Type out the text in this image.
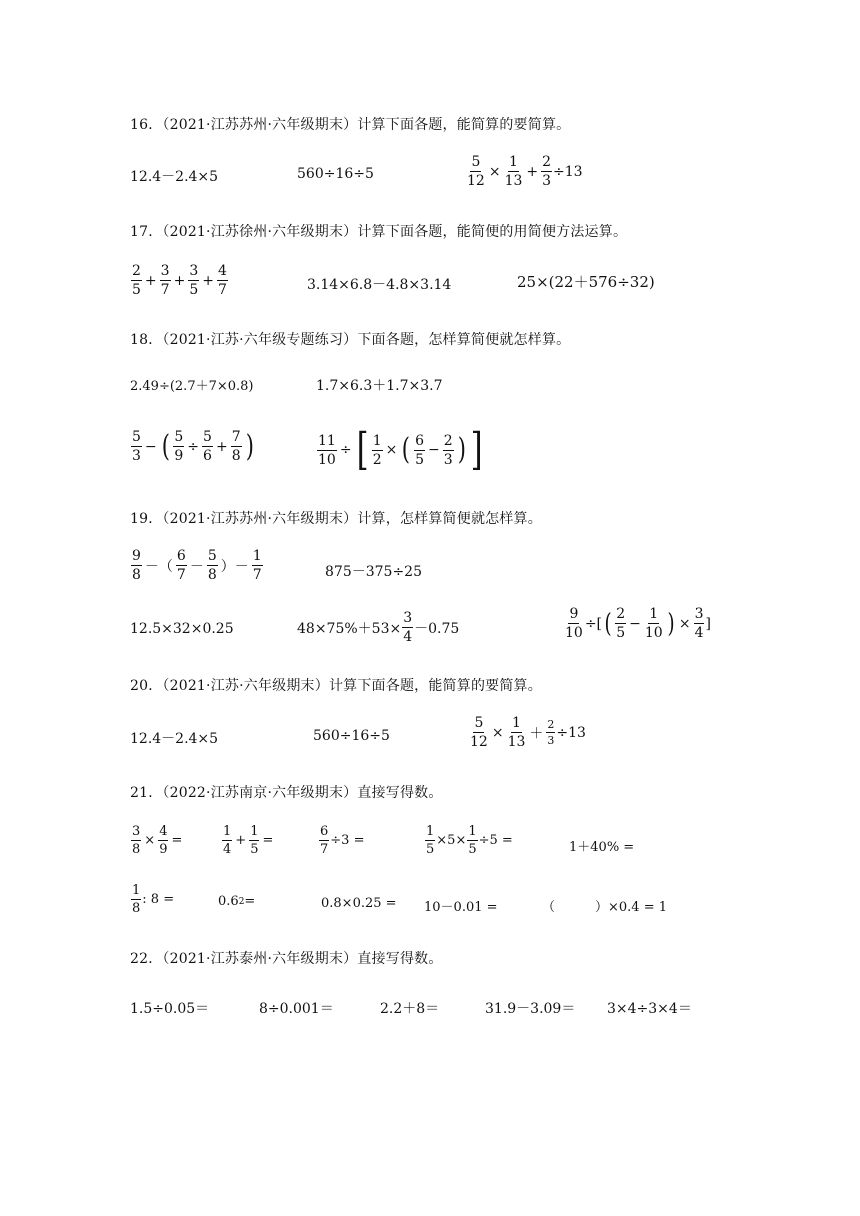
16．（2021·江苏苏州·六年级期末）计算下面各题，能简算的要简算。
12.4－2.4×5	560÷16÷5	$\frac{5}{12} \times \frac{1}{13} + \frac{2}{3} \div 13$
17．（2021·江苏徐州·六年级期末）计算下面各题，能简便的用简便方法运算。
$\frac{2}{5} + \frac{3}{7} + \frac{3}{5} + \frac{4}{7}$	3.14×6.8－4.8×3.14	25×(22＋576÷32)
18．（2021·江苏·六年级专题练习）下面各题，怎样算简便就怎样算。
2.49÷(2.7＋7×0.8)	1.7×6.3＋1.7×3.7
$\frac{5}{3}$ − ( $\frac{5}{9} \div \frac{5}{6} + \frac{7}{8}$ )	$\frac{11}{10}$ ÷ [ $\frac{1}{2}$ × ( $\frac{6}{5} - \frac{2}{3}$ ) ]
19．（2021·江苏苏州·六年级期末）计算，怎样算简便就怎样算。
$\frac{9}{8}$ －（ $\frac{6}{7} - \frac{5}{8}$ ）－ $\frac{1}{7}$	875－375÷25
12.5×32×0.25	$48\times 75\%+53\times \frac{3}{4} -0.75$	$\frac{9}{10}$ ÷[ ( $\frac{2}{5} - \frac{1}{10}$ ) × $\frac{3}{4}$ ]
20．（2021·江苏·六年级期末）计算下面各题，能简算的要简算。
12.4－2.4×5	560÷16÷5	$\frac{5}{12} \times \frac{1}{13} + \frac{2}{3} \div 13$
21．（2022·江苏南京·六年级期末）直接写得数。
$\frac{3}{8} \times \frac{4}{9}$ =	$\frac{1}{4} + \frac{1}{5}$ =	$\frac{6}{7} \div 3$ =	$\frac{1}{5} \times 5\times \frac{1}{5} \div 5$ =	1＋40% =
$\frac{1}{8}$ : 8 =	0.6 2 =	0.8×0.25 = 10－0.01 =	（	）×0.4 = 1
22．（2021·江苏泰州·六年级期末）直接写得数。
1.5÷0.05＝	8÷0.001＝	2.2＋8＝	31.9－3.09＝ 3×4÷3×4＝
